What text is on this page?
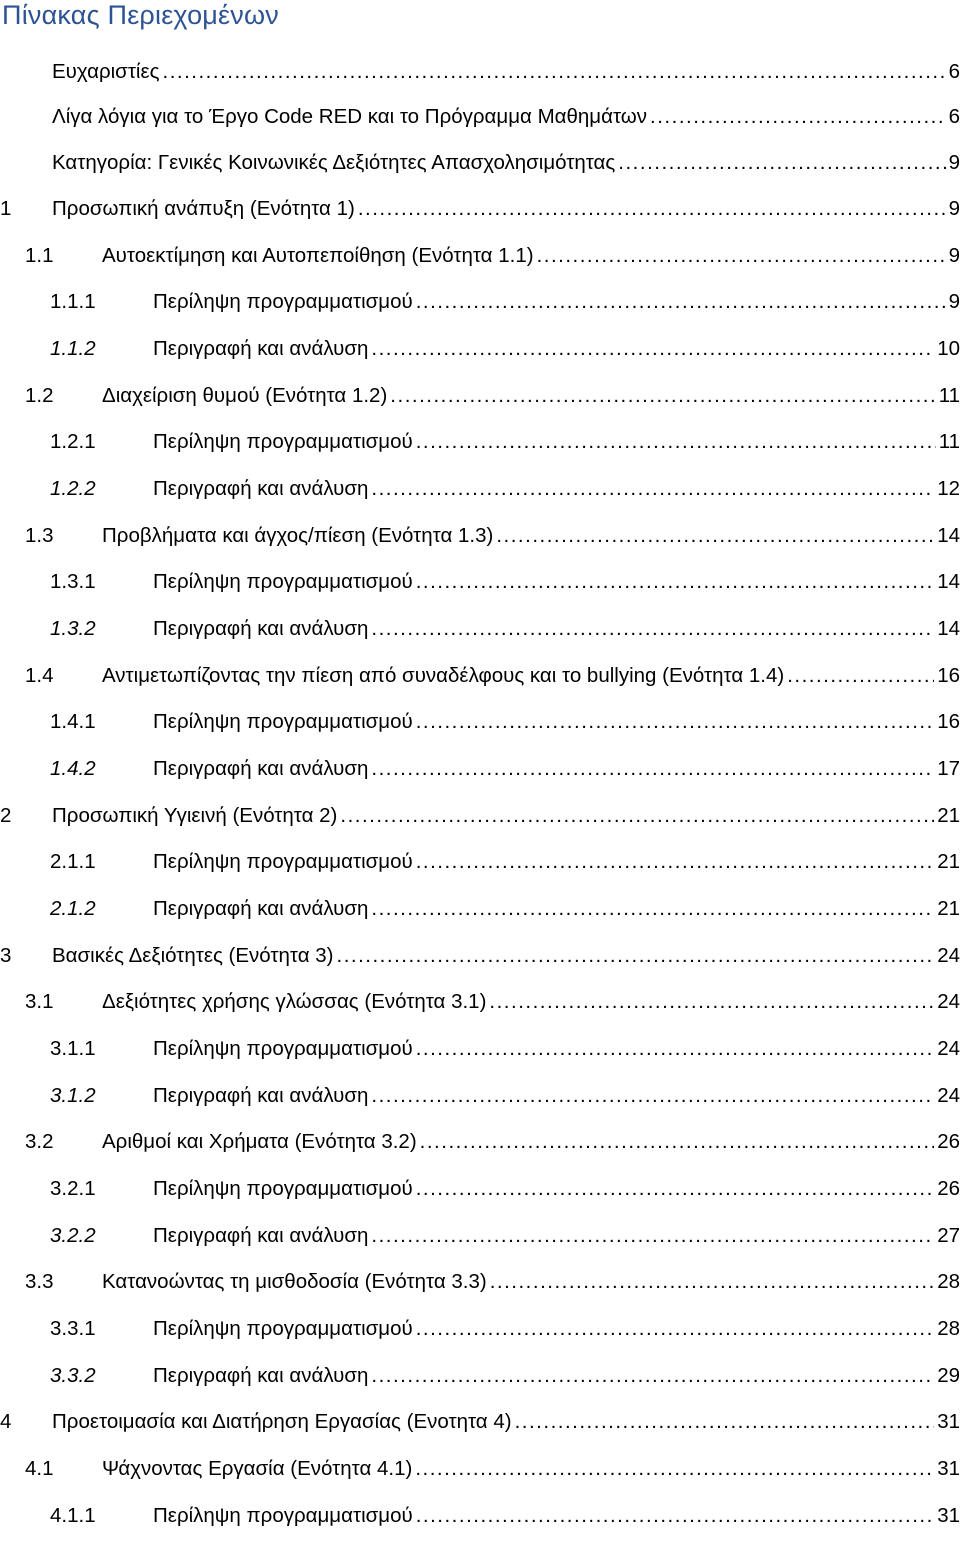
Πίνακας Περιεχομένων
Ευχαριστίες .....	6
Λίγα λόγια για το Έργο Code RED και το Πρόγραμμα Μαθημάτων .....	6
Κατηγορία: Γενικές Κοινωνικές Δεξιότητες Απασχολησιμότητας .....	9
1	Προσωπική ανάπυξη (Ενότητα 1) .....	9
1.1	Αυτοεκτίμηση και Αυτοπεποίθηση (Ενότητα 1.1) .....	9
1.1.1	Περίληψη προγραμματισμού .....	9
1.1.2	Περιγραφή και ανάλυση .....	10
1.2	Διαχείριση θυμού (Ενότητα 1.2) .....	11
1.2.1	Περίληψη προγραμματισμού .....	11
1.2.2	Περιγραφή και ανάλυση .....	12
1.3	Προβλήματα και άγχος/πίεση (Ενότητα 1.3) .....	14
1.3.1	Περίληψη προγραμματισμού .....	14
1.3.2	Περιγραφή και ανάλυση .....	14
1.4	Αντιμετωπίζοντας την πίεση από συναδέλφους και το bullying (Ενότητα 1.4) .....	16
1.4.1	Περίληψη προγραμματισμού .....	16
1.4.2	Περιγραφή και ανάλυση .....	17
2	Προσωπική Υγιεινή (Ενότητα 2) .....	21
2.1.1	Περίληψη προγραμματισμού .....	21
2.1.2	Περιγραφή και ανάλυση .....	21
3	Βασικές Δεξιότητες (Ενότητα 3) .....	24
3.1	Δεξιότητες χρήσης γλώσσας (Ενότητα 3.1) .....	24
3.1.1	Περίληψη προγραμματισμού .....	24
3.1.2	Περιγραφή και ανάλυση .....	24
3.2	Αριθμοί και Χρήματα (Ενότητα 3.2) .....	26
3.2.1	Περίληψη προγραμματισμού .....	26
3.2.2	Περιγραφή και ανάλυση .....	27
3.3	Κατανοώντας τη μισθοδοσία (Ενότητα 3.3) .....	28
3.3.1	Περίληψη προγραμματισμού .....	28
3.3.2	Περιγραφή και ανάλυση .....	29
4	Προετοιμασία και Διατήρηση Εργασίας (Ενοτητα 4) .....	31
4.1	Ψάχνοντας Εργασία (Ενότητα 4.1) .....	31
4.1.1	Περίληψη προγραμματισμού .....	31
